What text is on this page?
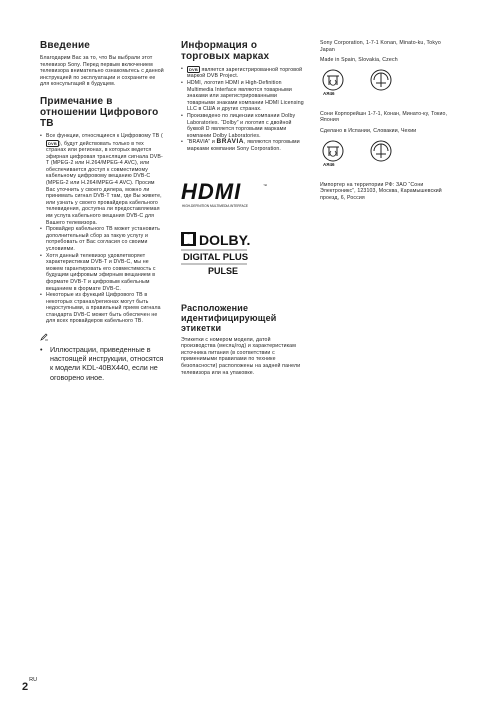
Введение

Благодарим Вас за то, что Вы выбрали этот телевизор Sony. Перед первым включением телевизора внимательно ознакомьтесь с данной инструкцией по эксплуатации и сохраните ее для консультаций в будущем.

Примечание в отношении Цифрового ТВ
• Все функции, относящиеся к Цифровому ТВ (DVB ), будут действовать только в тех странах или регионах, в которых ведется эфирная цифровая трансляция сигнала DVB-T (MPEG-2 или H.264/MPEG-4 AVC), или обеспечивается доступ к совместимому кабельному цифровому вещанию DVB-C (MPEG-2 или H.264/MPEG-4 AVC). Просим Вас уточнить у своего дилера, можно ли принимать сигнал DVB-T там, где Вы живете, или узнать у своего провайдера кабельного телевидения, доступна ли предоставляемая им услуга кабельного вещания DVB-C для Вашего телевизора.
• Провайдер кабельного ТВ может установить дополнительный сбор за такую услугу и потребовать от Вас согласия со своими условиями.
• Хотя данный телевизор удовлетворяет характеристикам DVB-T и DVB-C, мы не можем гарантировать его совместимость с будущим цифровым эфирным вещанием в формате DVB-T и цифровым кабельным вещанием в формате DVB-C.
• Некоторые из функций Цифрового ТВ в некоторых странах/регионах могут быть недоступными, а правильный прием сигнала стандарта DVB-C может быть обеспечен не для всех провайдеров кабельного ТВ.
• Иллюстрации, приведенные в настоящей инструкции, относятся к модели KDL-40BX440, если не оговорено иное.
Информация о торговых марках
• DVB является зарегистрированной торговой маркой DVB Project.
• HDMI, логотип HDMI и High-Definition Multimedia Interface являются товарными знаками или зарегистрированными товарными знаками компании HDMI Licensing LLC в США и других странах.
• Произведено по лицензии компании Dolby Laboratories. “Dolby” и логотип с двойной буквой D является торговыми марками компании Dolby Laboratories.
• “BRAVIA” и BRAVIA, являются торговыми марками компании Sony Corporation.
HDMI	™
HIGH-DEFINITION MULTIMEDIA INTERFACE
DOLBY.
DIGITAL PLUS
PULSE
Расположение идентифицирующей этикетки

Этикетки с номером модели, датой производства (месяц/год) и характеристикам источника питания (в соответствии с применимыми правилами по технике безопасности) расположены на задней панели телевизора или на упаковке.

Sony Corporation, 1-7-1 Konan, Minato-ku, Tokyo Japan
Made in Spain, Slovakia, Czech
АЯ46
Сони Корпорейшн 1-7-1, Конан, Минато-ку, Токио, Япония
Сделано в Испании, Словакии, Чехии
АЯ46
Импортер на территории РФ: ЗАО “Сони Электроникс”, 123103, Москва, Карамышевский проезд, 6, Россия
$2^{RU}$
